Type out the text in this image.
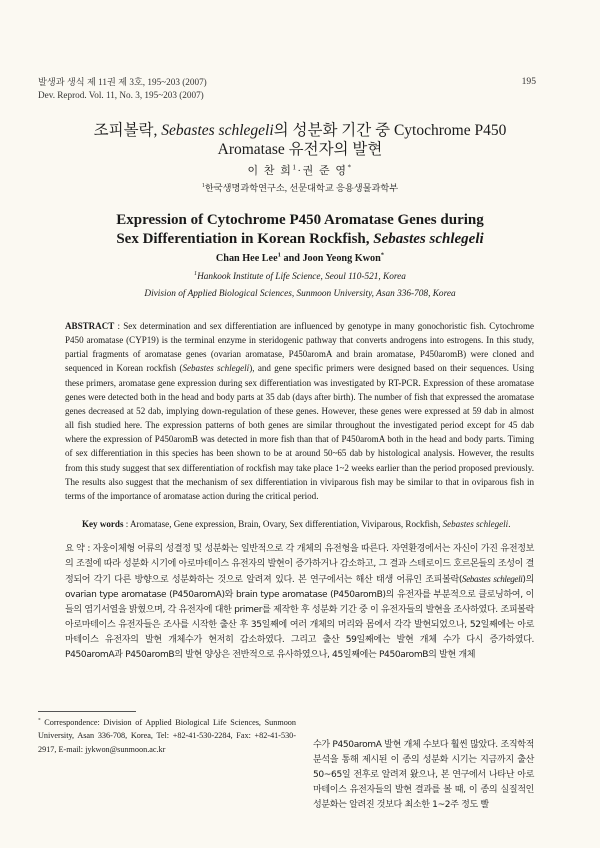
발생과 생식 제 11권 제 3호, 195~203 (2007)
Dev. Reprod. Vol. 11, No. 3, 195~203 (2007)
195
조피볼락, Sebastes schlegeli의 성분화 기간 중 Cytochrome P450
Aromatase 유전자의 발현
이 찬 희$^1$·권 준 영*
$^1$한국생명과학연구소, 선문대학교 응용생물과학부
Expression of Cytochrome P450 Aromatase Genes during
Sex Differentiation in Korean Rockfish, Sebastes schlegeli
Chan Hee Lee$^1$ and Joon Yeong Kwon*
$^1$Hankook Institute of Life Science, Seoul 110-521, Korea
Division of Applied Biological Sciences, Sunmoon University, Asan 336-708, Korea
ABSTRACT : Sex determination and sex differentiation are influenced by genotype in many gonochoristic fish. Cytochrome P450 aromatase (CYP19) is the terminal enzyme in steridogenic pathway that converts androgens into estrogens. In this study, partial fragments of aromatase genes (ovarian aromatase, P450aromA and brain aromatase, P450aromB) were cloned and sequenced in Korean rockfish (Sebastes schlegeli), and gene specific primers were designed based on their sequences. Using these primers, aromatase gene expression during sex differentiation was investigated by RT-PCR. Expression of these aromatase genes were detected both in the head and body parts at 35 dab (days after birth). The number of fish that expressed the aromatase genes decreased at 52 dab, implying down-regulation of these genes. However, these genes were expressed at 59 dab in almost all fish studied here. The expression patterns of both genes are similar throughout the investigated period except for 45 dab where the expression of P450aromB was detected in more fish than that of P450aromA both in the head and body parts. Timing of sex differentiation in this species has been shown to be at around 50~65 dab by histological analysis. However, the results from this study suggest that sex differentiation of rockfish may take place 1~2 weeks earlier than the period proposed previously. The results also suggest that the mechanism of sex differentiation in viviparous fish may be similar to that in oviparous fish in terms of the importance of aromatase action during the critical period.
Key words : Aromatase, Gene expression, Brain, Ovary, Sex differentiation, Viviparous, Rockfish, Sebastes schlegeli.
요 약 : 자웅이체형 어류의 성결정 및 성분화는 일반적으로 각 개체의 유전형을 따른다. 자연환경에서는 자신이 가진 유전정보의 조절에 따라 성분화 시기에 아로마테이스 유전자의 발현이 증가하거나 감소하고, 그 결과 스테로이드 호르몬들의 조성이 결정되어 각기 다른 방향으로 성분화하는 것으로 알려져 있다. 본 연구에서는 해산 태생 어류인 조피볼락(Sebastes schlegeli)의 ovarian type aromatase (P450aromA)와 brain type aromatase (P450aromB)의 유전자를 부분적으로 클로닝하여, 이들의 염기서열을 밝혔으며, 각 유전자에 대한 primer를 제작한 후 성분화 기간 중 이 유전자들의 발현을 조사하였다. 조피볼락 아로마테이스 유전자들은 조사를 시작한 출산 후 35일째에 여러 개체의 머리와 몸에서 각각 발현되었으나, 52일째에는 아로마테이스 유전자의 발현 개체수가 현저히 감소하였다. 그리고 출산 59일째에는 발현 개체 수가 다시 증가하였다. P450aromA과 P450aromB의 발현 양상은 전반적으로 유사하였으나, 45일째에는 P450aromB의 발현 개체
수가 P450aromA 발현 개체 수보다 훨씬 많았다. 조직학적 분석을 통해 제시된 이 종의 성분화 시기는 지금까지 출산 50~65일 전후로 알려져 왔으나, 본 연구에서 나타난 아로마테이스 유전자들의 발현 결과를 볼 때, 이 종의 실질적인 성분화는 알려진 것보다 최소한 1~2주 정도 빨
* Correspondence: Division of Applied Biological Life Sciences, Sunmoon University, Asan 336-708, Korea, Tel: +82-41-530-2284, Fax: +82-41-530-2917, E-mail: jykwon@sunmoon.ac.kr
